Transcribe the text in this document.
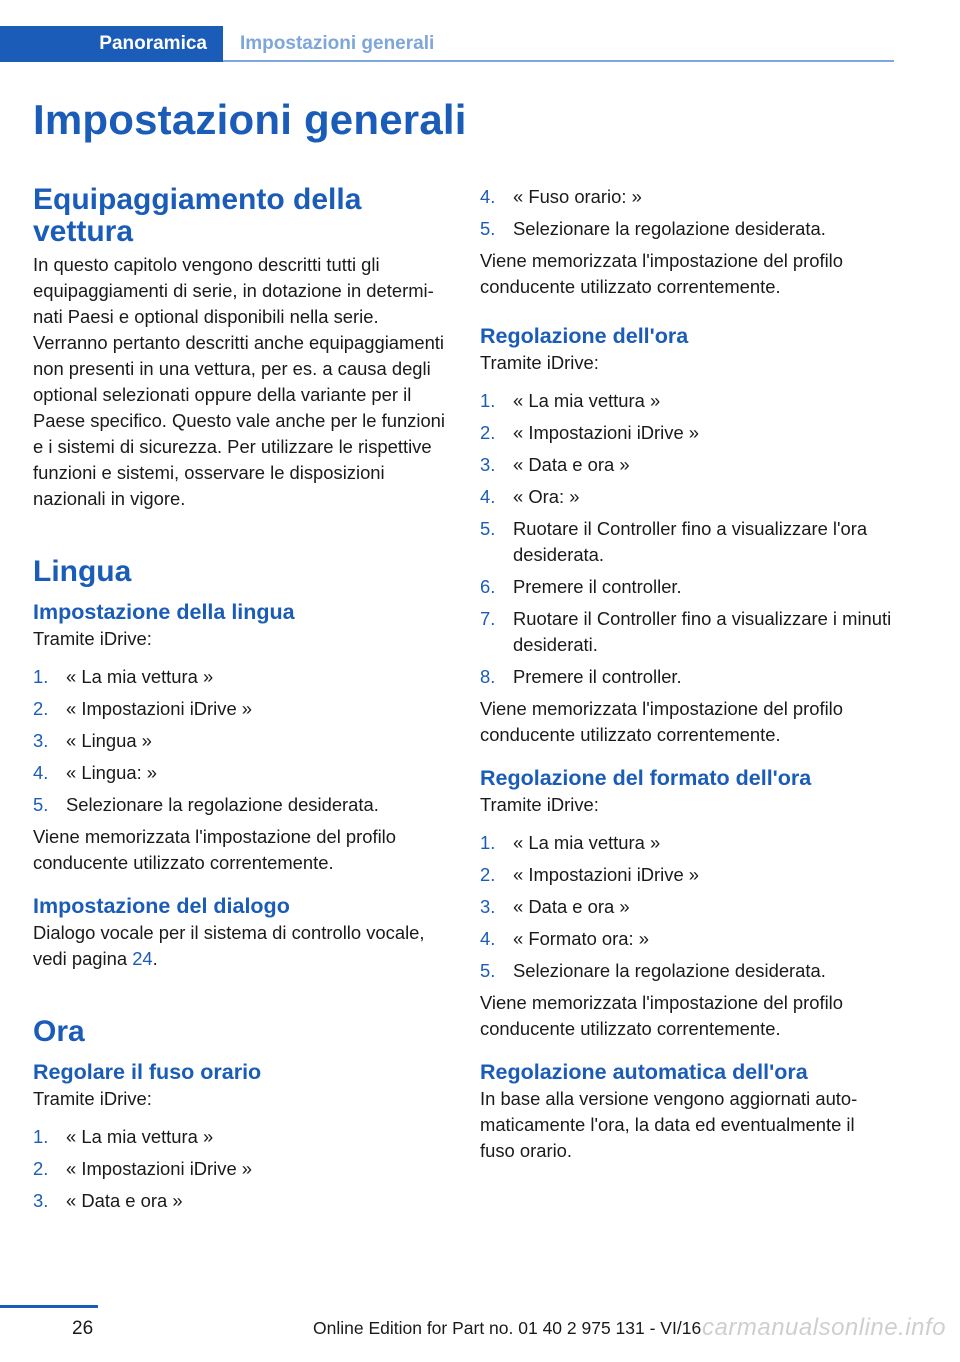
Panoramica	Impostazioni generali
Impostazioni generali
Equipaggiamento della vettura

In questo capitolo vengono descritti tutti gli equipaggiamenti di serie, in dotazione in determinati Paesi e optional disponibili nella serie. Verranno pertanto descritti anche equipaggiamenti non presenti in una vettura, per es. a causa degli optional selezionati oppure della variante per il Paese specifico. Questo vale anche per le funzioni e i sistemi di sicurezza. Per utilizzare le rispettive funzioni e sistemi, osservare le disposizioni nazionali in vigore.

Lingua
Impostazione della lingua

Tramite iDrive:

1. « La mia vettura »
2. « Impostazioni iDrive »
3. « Lingua »
4. « Lingua: »
5. Selezionare la regolazione desiderata.

Viene memorizzata l'impostazione del profilo conducente utilizzato correntemente.

Impostazione del dialogo

Dialogo vocale per il sistema di controllo vocale, vedi pagina 24.

Ora
Regolare il fuso orario

Tramite iDrive:

1. « La mia vettura »
2. « Impostazioni iDrive »
3. « Data e ora »
4. « Fuso orario: »
5. Selezionare la regolazione desiderata.

Viene memorizzata l'impostazione del profilo conducente utilizzato correntemente.

Regolazione dell'ora

Tramite iDrive:

1. « La mia vettura »
2. « Impostazioni iDrive »
3. « Data e ora »
4. « Ora: »
5. Ruotare il Controller fino a visualizzare l'ora desiderata.
6. Premere il controller.
7. Ruotare il Controller fino a visualizzare i minuti desiderati.
8. Premere il controller.

Viene memorizzata l'impostazione del profilo conducente utilizzato correntemente.

Regolazione del formato dell'ora

Tramite iDrive:

1. « La mia vettura »
2. « Impostazioni iDrive »
3. « Data e ora »
4. « Formato ora: »
5. Selezionare la regolazione desiderata.

Viene memorizzata l'impostazione del profilo conducente utilizzato correntemente.

Regolazione automatica dell'ora

In base alla versione vengono aggiornati automaticamente l'ora, la data ed eventualmente il fuso orario.

26	Online Edition for Part no. 01 40 2 975 131 - VI/16 carmanualsonline.info
